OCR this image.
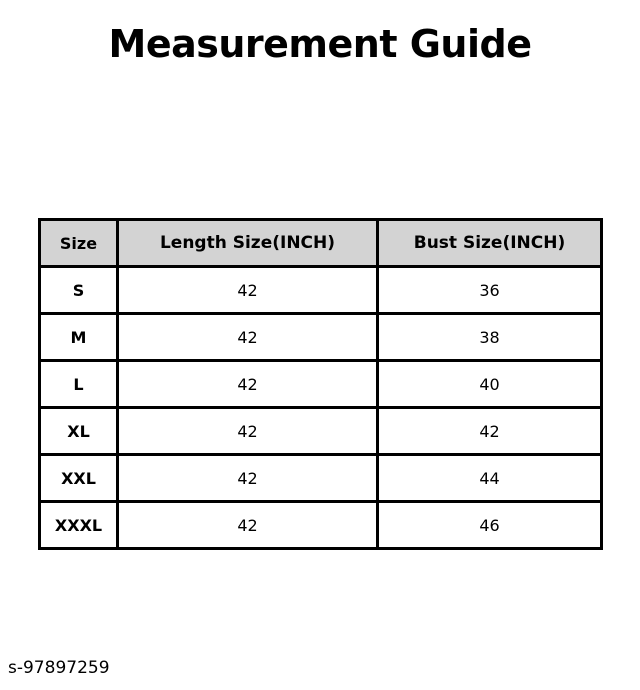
Measurement Guide
Size	Length Size(INCH)	Bust Size(INCH)
S	42	36
M	42	38
L	42	40
XL	42	42
XXL	42	44
XXXL	42	46
s-97897259
